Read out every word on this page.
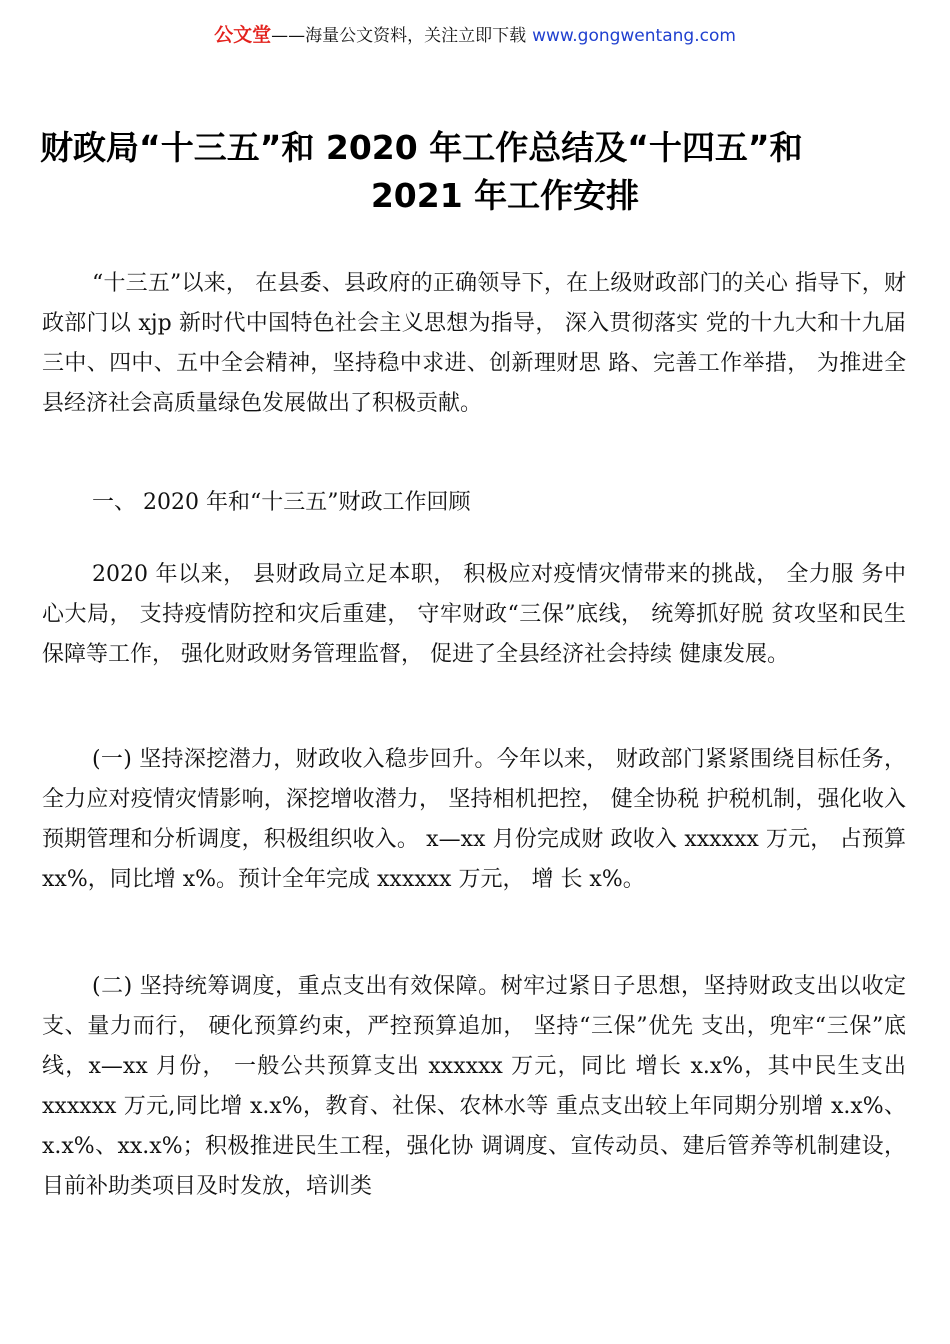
公文堂——海量公文资料，关注立即下载 www.gongwentang.com
财政局“十三五”和 2020 年工作总结及“十四五”和
2021 年工作安排

“十三五”以来， 在县委、县政府的正确领导下，在上级财政部门的关心 指导下，财政部门以 xjp 新时代中国特色社会主义思想为指导， 深入贯彻落实 党的十九大和十九届三中、四中、五中全会精神，坚持稳中求进、创新理财思 路、完善工作举措， 为推进全县经济社会高质量绿色发展做出了积极贡献。

一、 2020 年和“十三五”财政工作回顾

2020 年以来， 县财政局立足本职， 积极应对疫情灾情带来的挑战， 全力服 务中心大局， 支持疫情防控和灾后重建， 守牢财政“三保”底线， 统筹抓好脱 贫攻坚和民生保障等工作， 强化财政财务管理监督， 促进了全县经济社会持续 健康发展。

(一) 坚持深挖潜力，财政收入稳步回升。今年以来， 财政部门紧紧围绕目标任务， 全力应对疫情灾情影响，深挖增收潜力， 坚持相机把控， 健全协税 护税机制，强化收入预期管理和分析调度，积极组织收入。 x—xx 月份完成财 政收入 xxxxxx 万元， 占预算 xx%，同比增 x%。预计全年完成 xxxxxx 万元， 增 长 x%。

(二) 坚持统筹调度，重点支出有效保障。树牢过紧日子思想，坚持财政支出以收定支、量力而行， 硬化预算约束，严控预算追加， 坚持“三保”优先 支出，兜牢“三保”底线，x—xx 月份， 一般公共预算支出 xxxxxx 万元，同比 增长 x.x%，其中民生支出 xxxxxx 万元,同比增 x.x%，教育、社保、农林水等 重点支出较上年同期分别增 x.x%、x.x%、xx.x%；积极推进民生工程，强化协 调调度、宣传动员、建后管养等机制建设， 目前补助类项目及时发放，培训类
